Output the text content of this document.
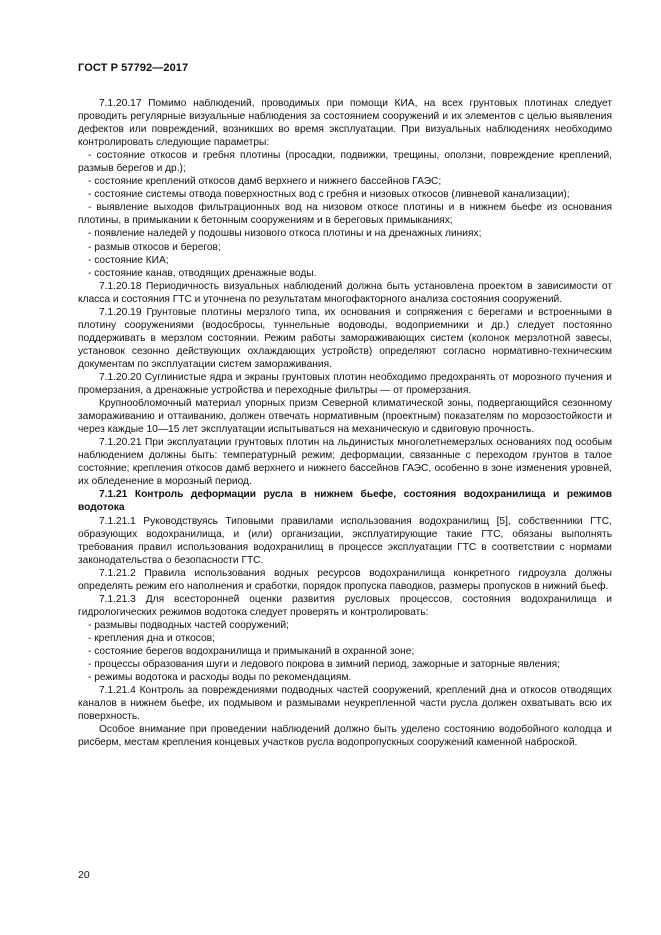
ГОСТ Р 57792—2017

7.1.20.17 Помимо наблюдений, проводимых при помощи КИА, на всех грунтовых плотинах следует проводить регулярные визуальные наблюдения за состоянием сооружений и их элементов с целью выявления дефектов или повреждений, возникших во время эксплуатации. При визуальных наблюдениях необходимо контролировать следующие параметры:

- состояние откосов и гребня плотины (просадки, подвижки, трещины, оползни, повреждение креплений, размыв берегов и др.);

- состояние креплений откосов дамб верхнего и нижнего бассейнов ГАЭС;

- состояние системы отвода поверхностных вод с гребня и низовых откосов (ливневой канализации);

- выявление выходов фильтрационных вод на низовом откосе плотины и в нижнем бьефе из основания плотины, в примыкании к бетонным сооружениям и в береговых примыканиях;

- появление наледей у подошвы низового откоса плотины и на дренажных линиях;

- размыв откосов и берегов;

- состояние КИА;

- состояние канав, отводящих дренажные воды.

7.1.20.18 Периодичность визуальных наблюдений должна быть установлена проектом в зависимости от класса и состояния ГТС и уточнена по результатам многофакторного анализа состояния сооружений.

7.1.20.19 Грунтовые плотины мерзлого типа, их основания и сопряжения с берегами и встроенными в плотину сооружениями (водосбросы, туннельные водоводы, водоприемники и др.) следует постоянно поддерживать в мерзлом состоянии. Режим работы замораживающих систем (колонок мерзлотной завесы, установок сезонно действующих охлаждающих устройств) определяют согласно нормативно-техническим документам по эксплуатации систем замораживания.

7.1.20.20 Суглинистые ядра и экраны грунтовых плотин необходимо предохранять от морозного пучения и промерзания, а дренажные устройства и переходные фильтры — от промерзания.

Крупнообломочный материал упорных призм Северной климатической зоны, подвергающийся сезонному замораживанию и оттаиванию, должен отвечать нормативным (проектным) показателям по морозостойкости и через каждые 10—15 лет эксплуатации испытываться на механическую и сдвиговую прочность.

7.1.20.21 При эксплуатации грунтовых плотин на льдинистых многолетнемерзлых основаниях под особым наблюдением должны быть: температурный режим; деформации, связанные с переходом грунтов в талое состояние; крепления откосов дамб верхнего и нижнего бассейнов ГАЭС, особенно в зоне изменения уровней, их обледенение в морозный период.

7.1.21 Контроль деформации русла в нижнем бьефе, состояния водохранилища и режимов водотока

7.1.21.1 Руководствуясь Типовыми правилами использования водохранилищ [5], собственники ГТС, образующих водохранилища, и (или) организации, эксплуатирующие такие ГТС, обязаны выполнять требования правил использования водохранилищ в процессе эксплуатации ГТС в соответствии с нормами законодательства о безопасности ГТС.

7.1.21.2 Правила использования водных ресурсов водохранилища конкретного гидроузла должны определять режим его наполнения и сработки, порядок пропуска паводков, размеры пропусков в нижний бьеф.

7.1.21.3 Для всесторонней оценки развития русловых процессов, состояния водохранилища и гидрологических режимов водотока следует проверять и контролировать:

- размывы подводных частей сооружений;

- крепления дна и откосов;

- состояние берегов водохранилища и примыканий в охранной зоне;

- процессы образования шуги и ледового покрова в зимний период, зажорные и заторные явления;

- режимы водотока и расходы воды по рекомендациям.

7.1.21.4 Контроль за повреждениями подводных частей сооружений, креплений дна и откосов отводящих каналов в нижнем бьефе, их подмывом и размывами неукрепленной части русла должен охватывать всю их поверхность.

Особое внимание при проведении наблюдений должно быть уделено состоянию водобойного колодца и рисберм, местам крепления концевых участков русла водопропускных сооружений каменной наброской.

20
